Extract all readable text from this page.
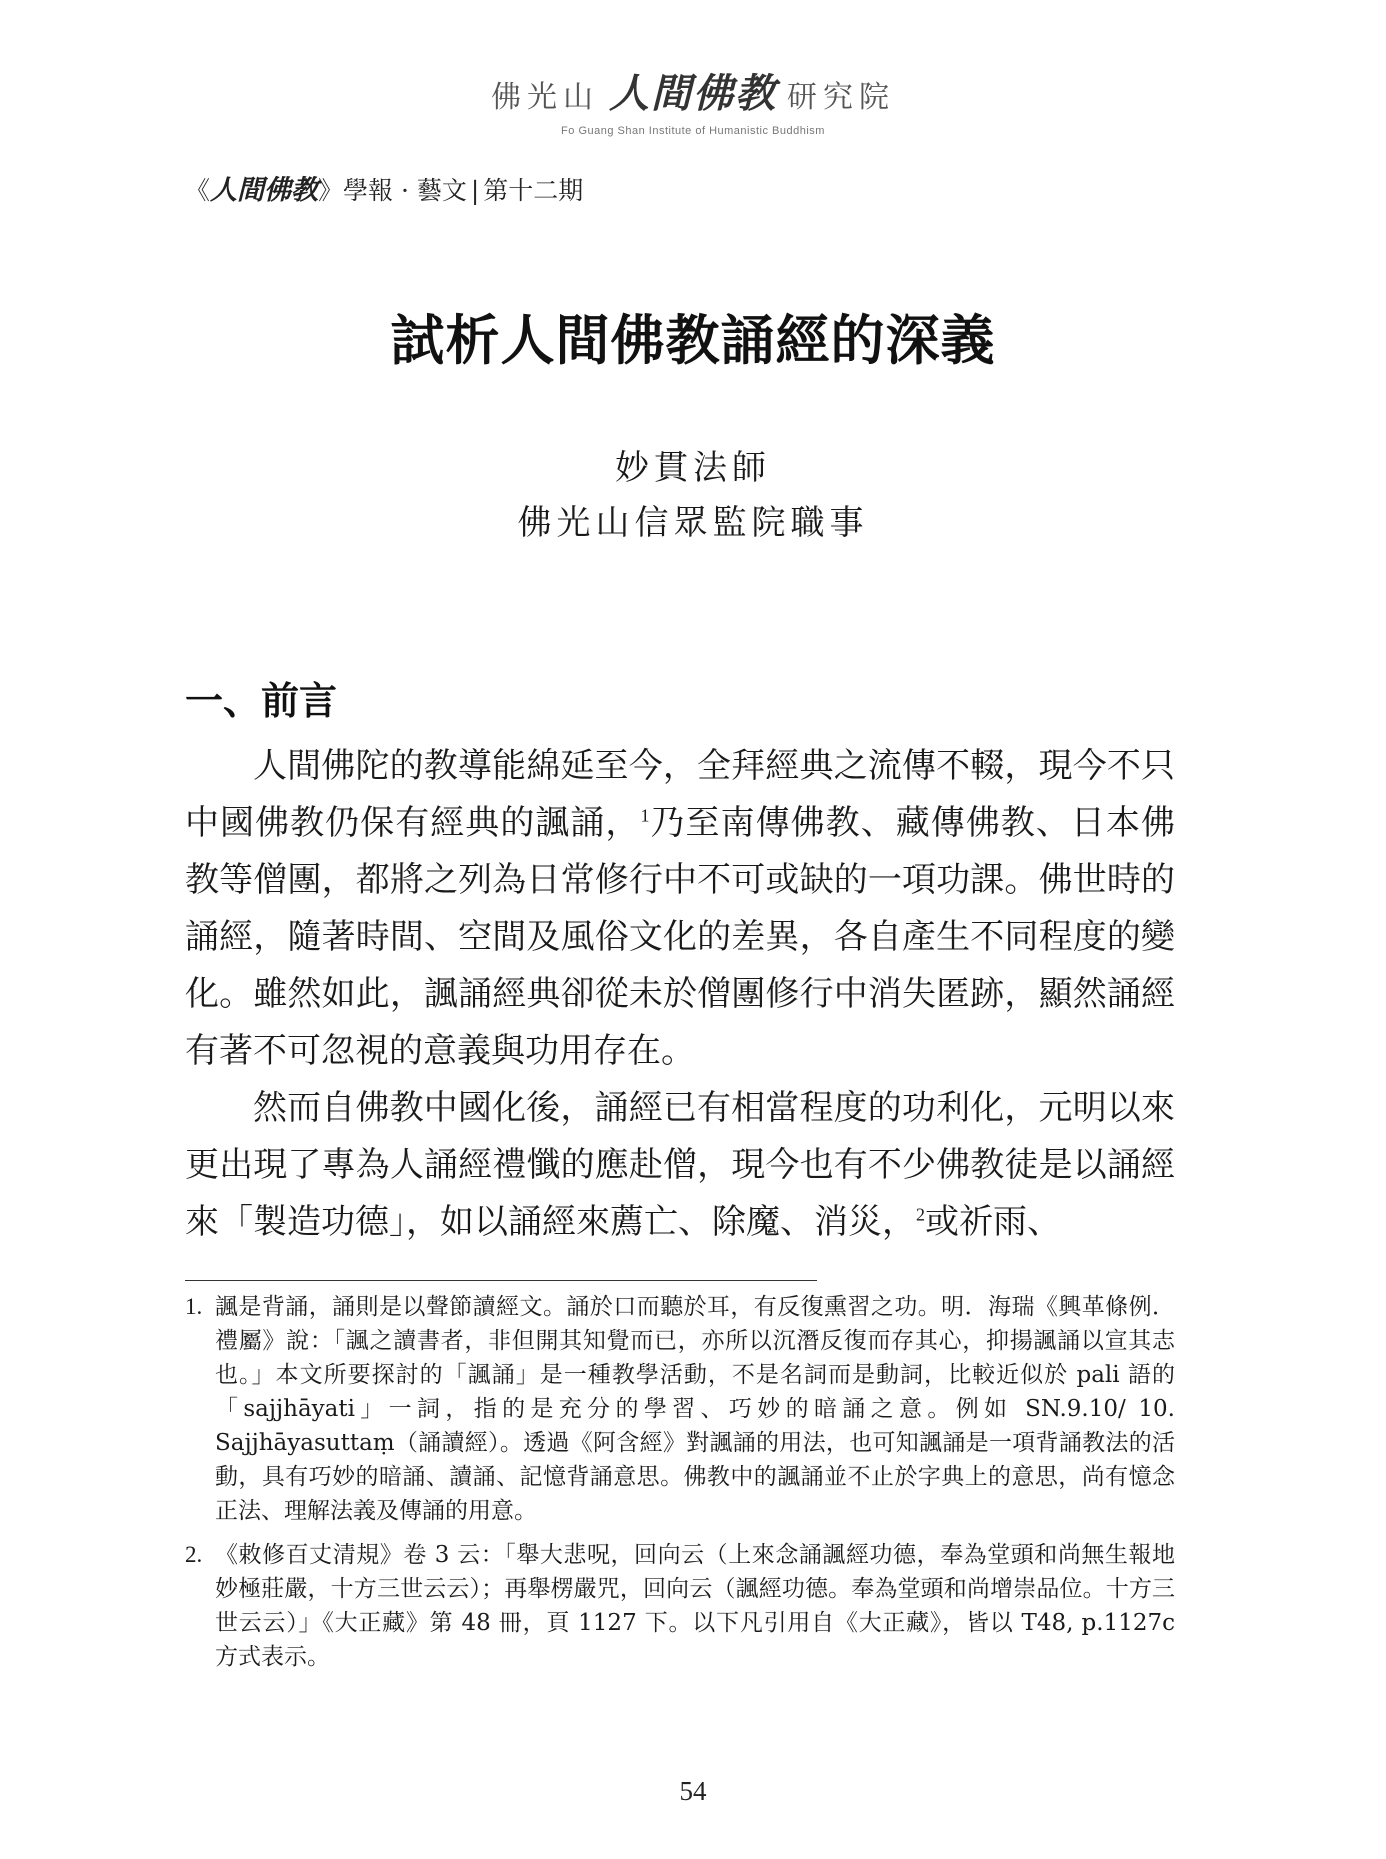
佛光山 人間佛教 研究院
Fo Guang Shan Institute of Humanistic Buddhism
《人間佛教》學報 · 藝文 | 第十二期
試析人間佛教誦經的深義
妙貫法師
佛光山信眾監院職事
一、前言

人間佛陀的教導能綿延至今，全拜經典之流傳不輟，現今不只中國佛教仍保有經典的諷誦，$^1$乃至南傳佛教、藏傳佛教、日本佛教等僧團，都將之列為日常修行中不可或缺的一項功課。佛世時的誦經，隨著時間、空間及風俗文化的差異，各自產生不同程度的變化。雖然如此，諷誦經典卻從未於僧團修行中消失匿跡，顯然誦經有著不可忽視的意義與功用存在。

然而自佛教中國化後，誦經已有相當程度的功利化，元明以來更出現了專為人誦經禮懺的應赴僧，現今也有不少佛教徒是以誦經來「製造功德」，如以誦經來薦亡、除魔、消災，$^2$或祈雨、

1. 諷是背誦，誦則是以聲節讀經文。誦於口而聽於耳，有反復熏習之功。明．海瑞《興革條例．禮屬》說：「諷之讀書者，非但開其知覺而已，亦所以沉潛反復而存其心，抑揚諷誦以宣其志也。」本文所要探討的「諷誦」是一種教學活動，不是名詞而是動詞，比較近似於 pali 語的「sajjhāyati」一詞，指的是充分的學習、巧妙的暗誦之意。例如 SN.9.10/ 10. Sajjhāyasuttaṃ（誦讀經）。透過《阿含經》對諷誦的用法，也可知諷誦是一項背誦教法的活動，具有巧妙的暗誦、讀誦、記憶背誦意思。佛教中的諷誦並不止於字典上的意思，尚有憶念正法、理解法義及傳誦的用意。
2. 《敕修百丈清規》卷 3 云：「舉大悲呪，回向云（上來念誦諷經功德，奉為堂頭和尚無生報地妙極莊嚴，十方三世云云）；再舉楞嚴咒，回向云（諷經功德。奉為堂頭和尚增崇品位。十方三世云云）」《大正藏》第 48 冊，頁 1127 下。以下凡引用自《大正藏》，皆以 T48, p.1127c 方式表示。
54
